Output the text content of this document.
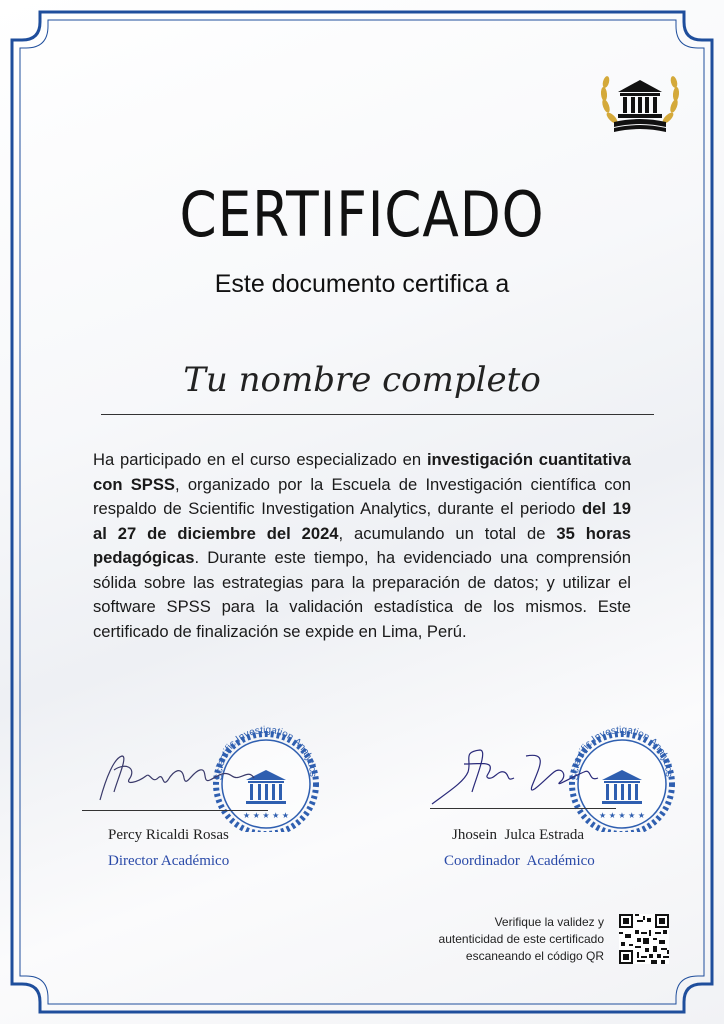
CERTIFICADO
Este documento certifica a
Tu nombre completo
Ha participado en el curso especializado en investigación cuantitativa con SPSS, organizado por la Escuela de Investigación científica con respaldo de Scientific Investigation Analytics, durante el periodo del 19 al 27 de diciembre del 2024, acumulando un total de 35 horas pedagógicas. Durante este tiempo, ha evidenciado una comprensión sólida sobre las estrategias para la preparación de datos; y utilizar el software SPSS para la validación estadística de los mismos. Este certificado de finalización se expide en Lima, Perú.
Scientific Investigation Analytics
★ ★ ★ ★ ★
Percy Ricaldi Rosas
Director Académico
Scientific Investigation Analytics
★ ★ ★ ★ ★
Jhosein  Julca Estrada
Coordinador  Académico
Verifique la validez y
autenticidad de este certificado
escaneando el código QR
